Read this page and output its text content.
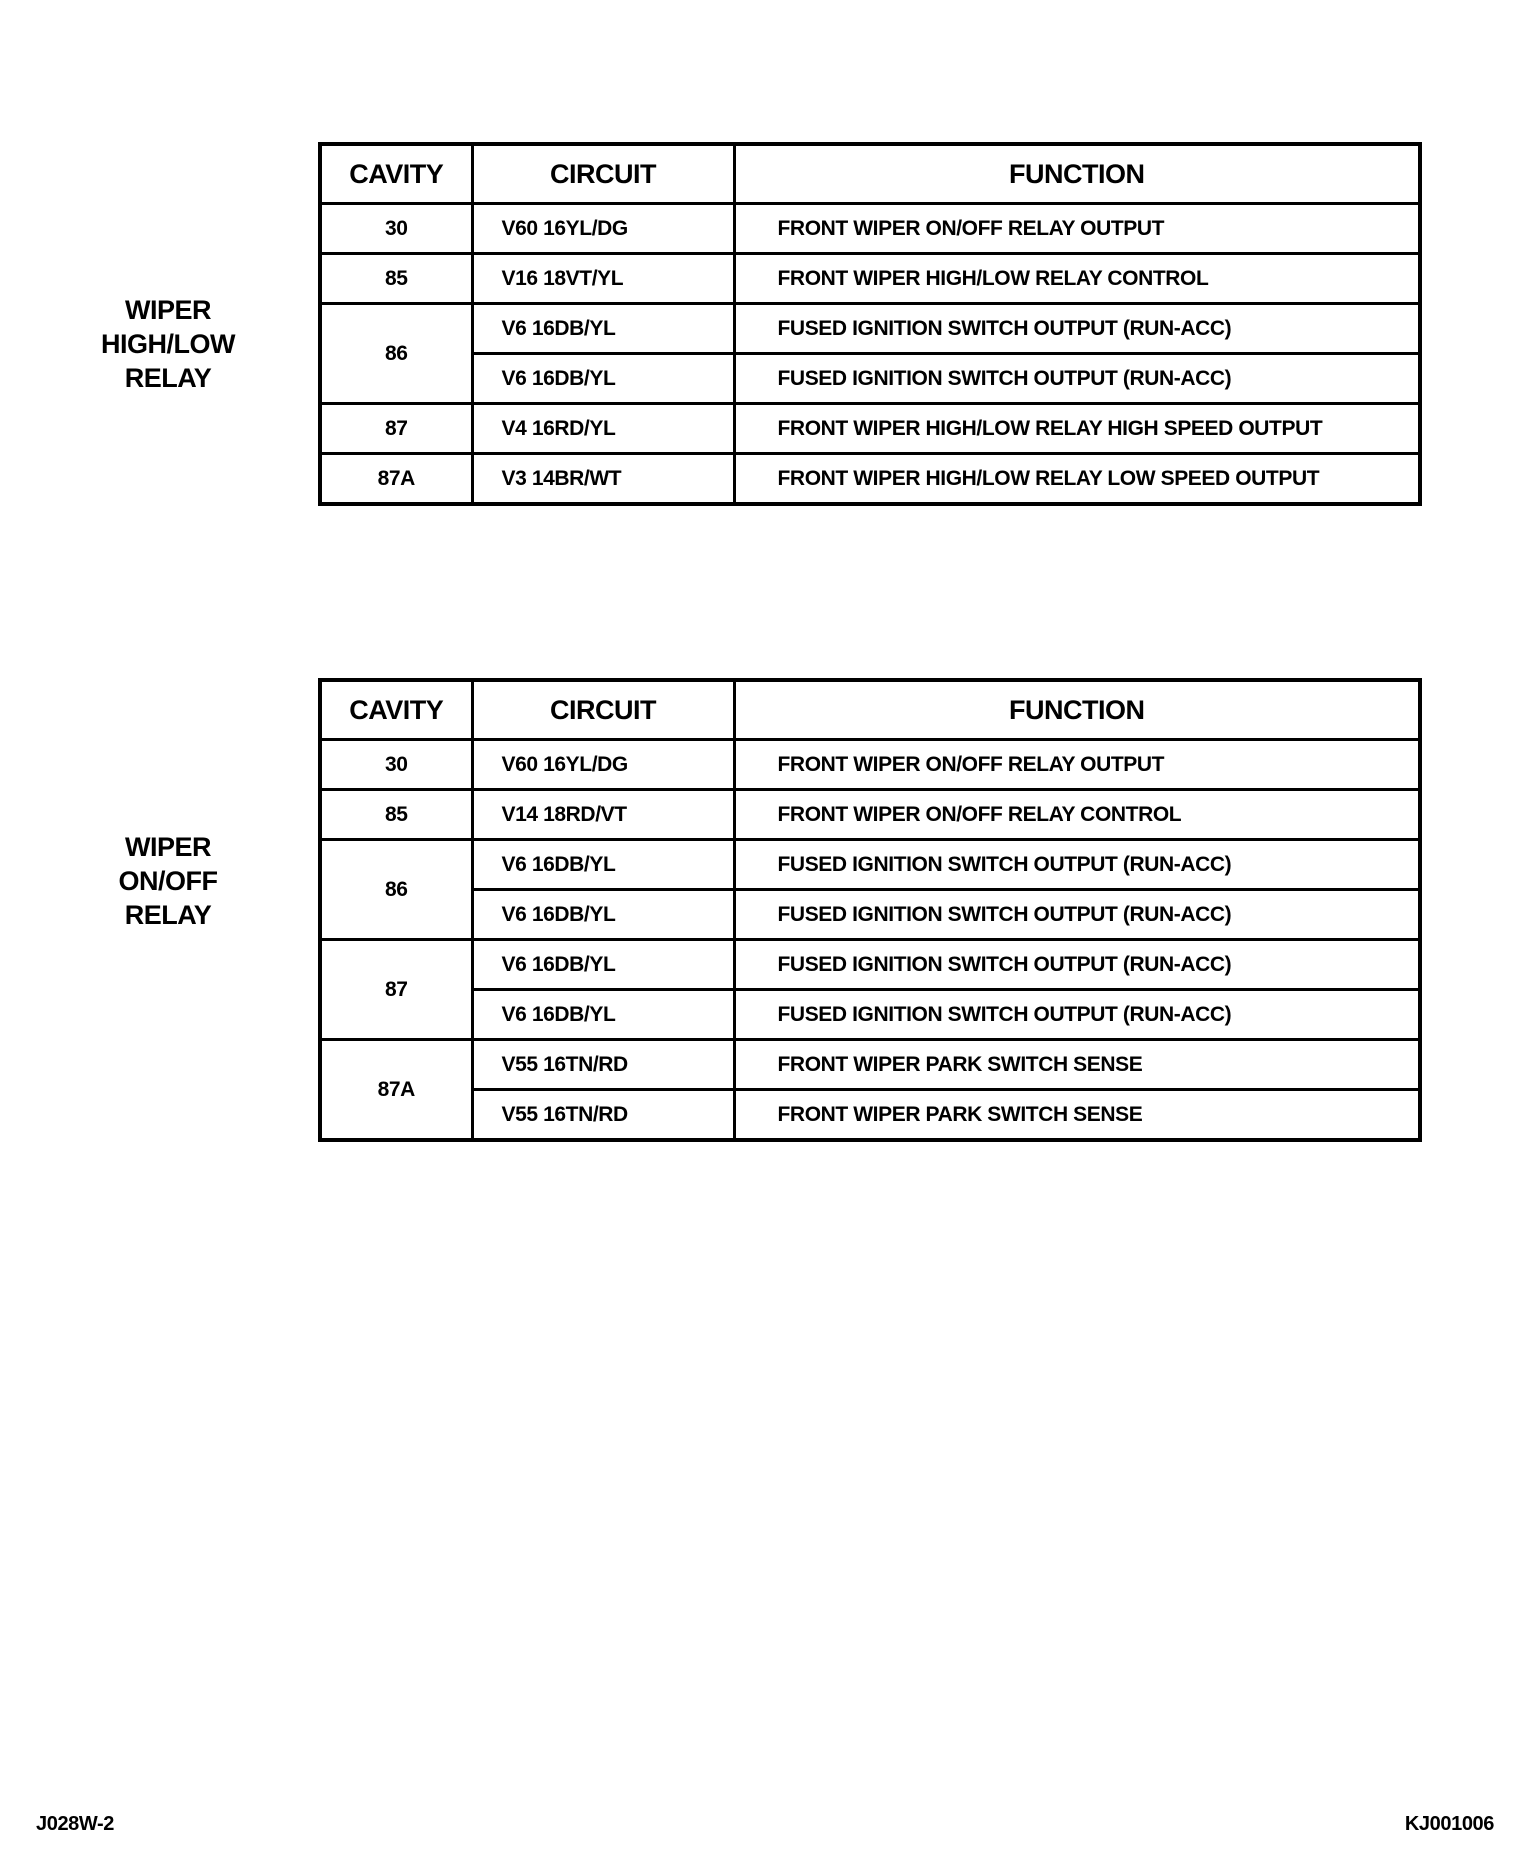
WIPER
HIGH/LOW
RELAY
CAVITY	CIRCUIT	FUNCTION
30	V60 16YL/DG	FRONT WIPER ON/OFF RELAY OUTPUT
85	V16 18VT/YL	FRONT WIPER HIGH/LOW RELAY CONTROL
86	V6 16DB/YL	FUSED IGNITION SWITCH OUTPUT (RUN-ACC)
	V6 16DB/YL	FUSED IGNITION SWITCH OUTPUT (RUN-ACC)
87	V4 16RD/YL	FRONT WIPER HIGH/LOW RELAY HIGH SPEED OUTPUT
87A	V3 14BR/WT	FRONT WIPER HIGH/LOW RELAY LOW SPEED OUTPUT
WIPER
ON/OFF
RELAY
CAVITY	CIRCUIT	FUNCTION
30	V60 16YL/DG	FRONT WIPER ON/OFF RELAY OUTPUT
85	V14 18RD/VT	FRONT WIPER ON/OFF RELAY CONTROL
86	V6 16DB/YL	FUSED IGNITION SWITCH OUTPUT (RUN-ACC)
	V6 16DB/YL	FUSED IGNITION SWITCH OUTPUT (RUN-ACC)
87	V6 16DB/YL	FUSED IGNITION SWITCH OUTPUT (RUN-ACC)
	V6 16DB/YL	FUSED IGNITION SWITCH OUTPUT (RUN-ACC)
87A	V55 16TN/RD	FRONT WIPER PARK SWITCH SENSE
	V55 16TN/RD	FRONT WIPER PARK SWITCH SENSE
J028W-2	KJ001006
